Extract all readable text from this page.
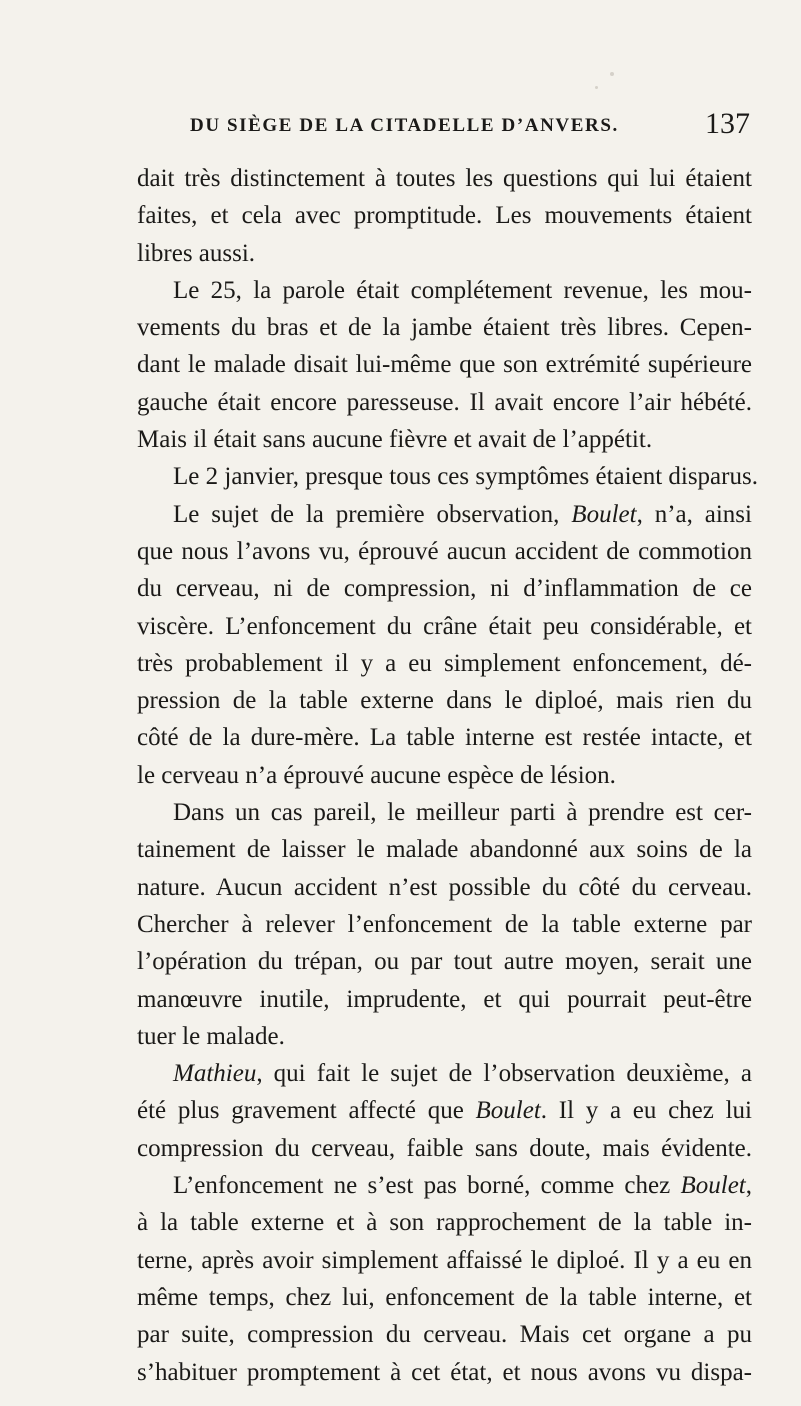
DU SIÈGE DE LA CITADELLE D’ANVERS.	137
dait très distinctement à toutes les questions qui lui étaient
faites, et cela avec promptitude. Les mouvements étaient
libres aussi.
Le 25, la parole était complétement revenue, les mou-
vements du bras et de la jambe étaient très libres. Cepen-
dant le malade disait lui-même que son extrémité supérieure
gauche était encore paresseuse. Il avait encore l’air hébété.
Mais il était sans aucune fièvre et avait de l’appétit.
Le 2 janvier, presque tous ces symptômes étaient disparus.
Le sujet de la première observation, Boulet, n’a, ainsi
que nous l’avons vu, éprouvé aucun accident de commotion
du cerveau, ni de compression, ni d’inflammation de ce
viscère. L’enfoncement du crâne était peu considérable, et
très probablement il y a eu simplement enfoncement, dé-
pression de la table externe dans le diploé, mais rien du
côté de la dure-mère. La table interne est restée intacte, et
le cerveau n’a éprouvé aucune espèce de lésion.
Dans un cas pareil, le meilleur parti à prendre est cer-
tainement de laisser le malade abandonné aux soins de la
nature. Aucun accident n’est possible du côté du cerveau.
Chercher à relever l’enfoncement de la table externe par
l’opération du trépan, ou par tout autre moyen, serait une
manœuvre inutile, imprudente, et qui pourrait peut-être
tuer le malade.
Mathieu, qui fait le sujet de l’observation deuxième, a
été plus gravement affecté que Boulet. Il y a eu chez lui
compression du cerveau, faible sans doute, mais évidente.
L’enfoncement ne s’est pas borné, comme chez Boulet,
à la table externe et à son rapprochement de la table in-
terne, après avoir simplement affaissé le diploé. Il y a eu en
même temps, chez lui, enfoncement de la table interne, et
par suite, compression du cerveau. Mais cet organe a pu
s’habituer promptement à cet état, et nous avons vu dispa-
